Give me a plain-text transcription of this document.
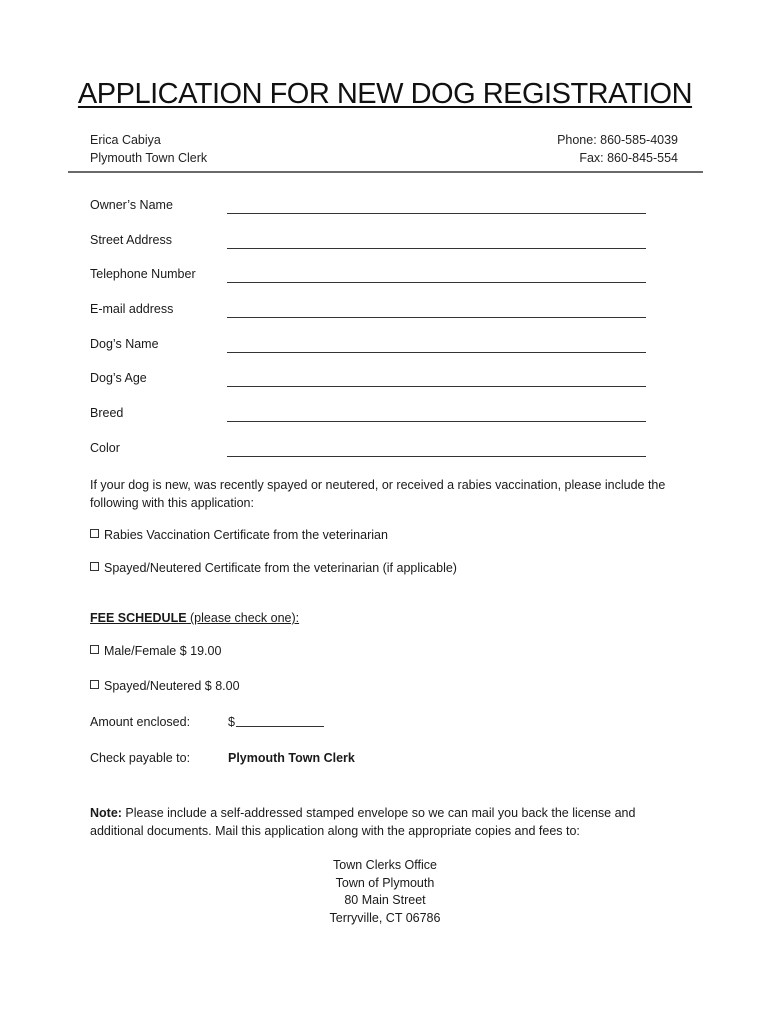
APPLICATION FOR NEW DOG REGISTRATION
Erica Cabiya
Plymouth Town Clerk
Phone: 860-585-4039
Fax: 860-845-554
Owner’s Name
Street Address
Telephone Number
E-mail address
Dog’s Name
Dog’s Age
Breed
Color
If your dog is new, was recently spayed or neutered, or received a rabies vaccination, please include the following with this application:
Rabies Vaccination Certificate from the veterinarian
Spayed/Neutered Certificate from the veterinarian (if applicable)
FEE SCHEDULE (please check one):
Male/Female $ 19.00
Spayed/Neutered $ 8.00
Amount enclosed:	$
Check payable to:	Plymouth Town Clerk
Note: Please include a self-addressed stamped envelope so we can mail you back the license and additional documents. Mail this application along with the appropriate copies and fees to:
Town Clerks Office
Town of Plymouth
80 Main Street
Terryville, CT 06786
